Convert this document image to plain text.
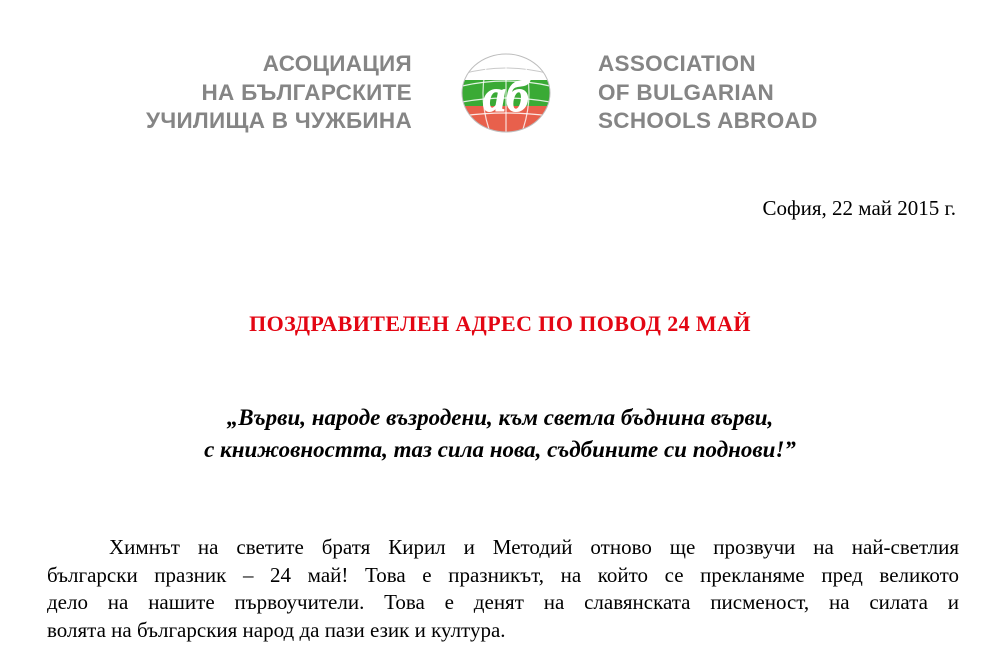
АСОЦИАЦИЯ
НА БЪЛГАРСКИТЕ
УЧИЛИЩА В ЧУЖБИНА аб
ASSOCIATION
OF BULGARIAN
SCHOOLS ABROAD
София, 22 май 2015 г.
ПОЗДРАВИТЕЛЕН АДРЕС ПО ПОВОД 24 МАЙ
„Върви, народе възродени, към светла бъднина върви,
с книжовността, таз сила нова, съдбините си поднови!”
Химнът на светите братя Кирил и Методий отново ще прозвучи на най-светлия
български празник – 24 май! Това е празникът, на който се прекланяме пред великото
дело на нашите първоучители. Това е денят на славянската писменост, на силата и
волята на българския народ да пази език и култура.
